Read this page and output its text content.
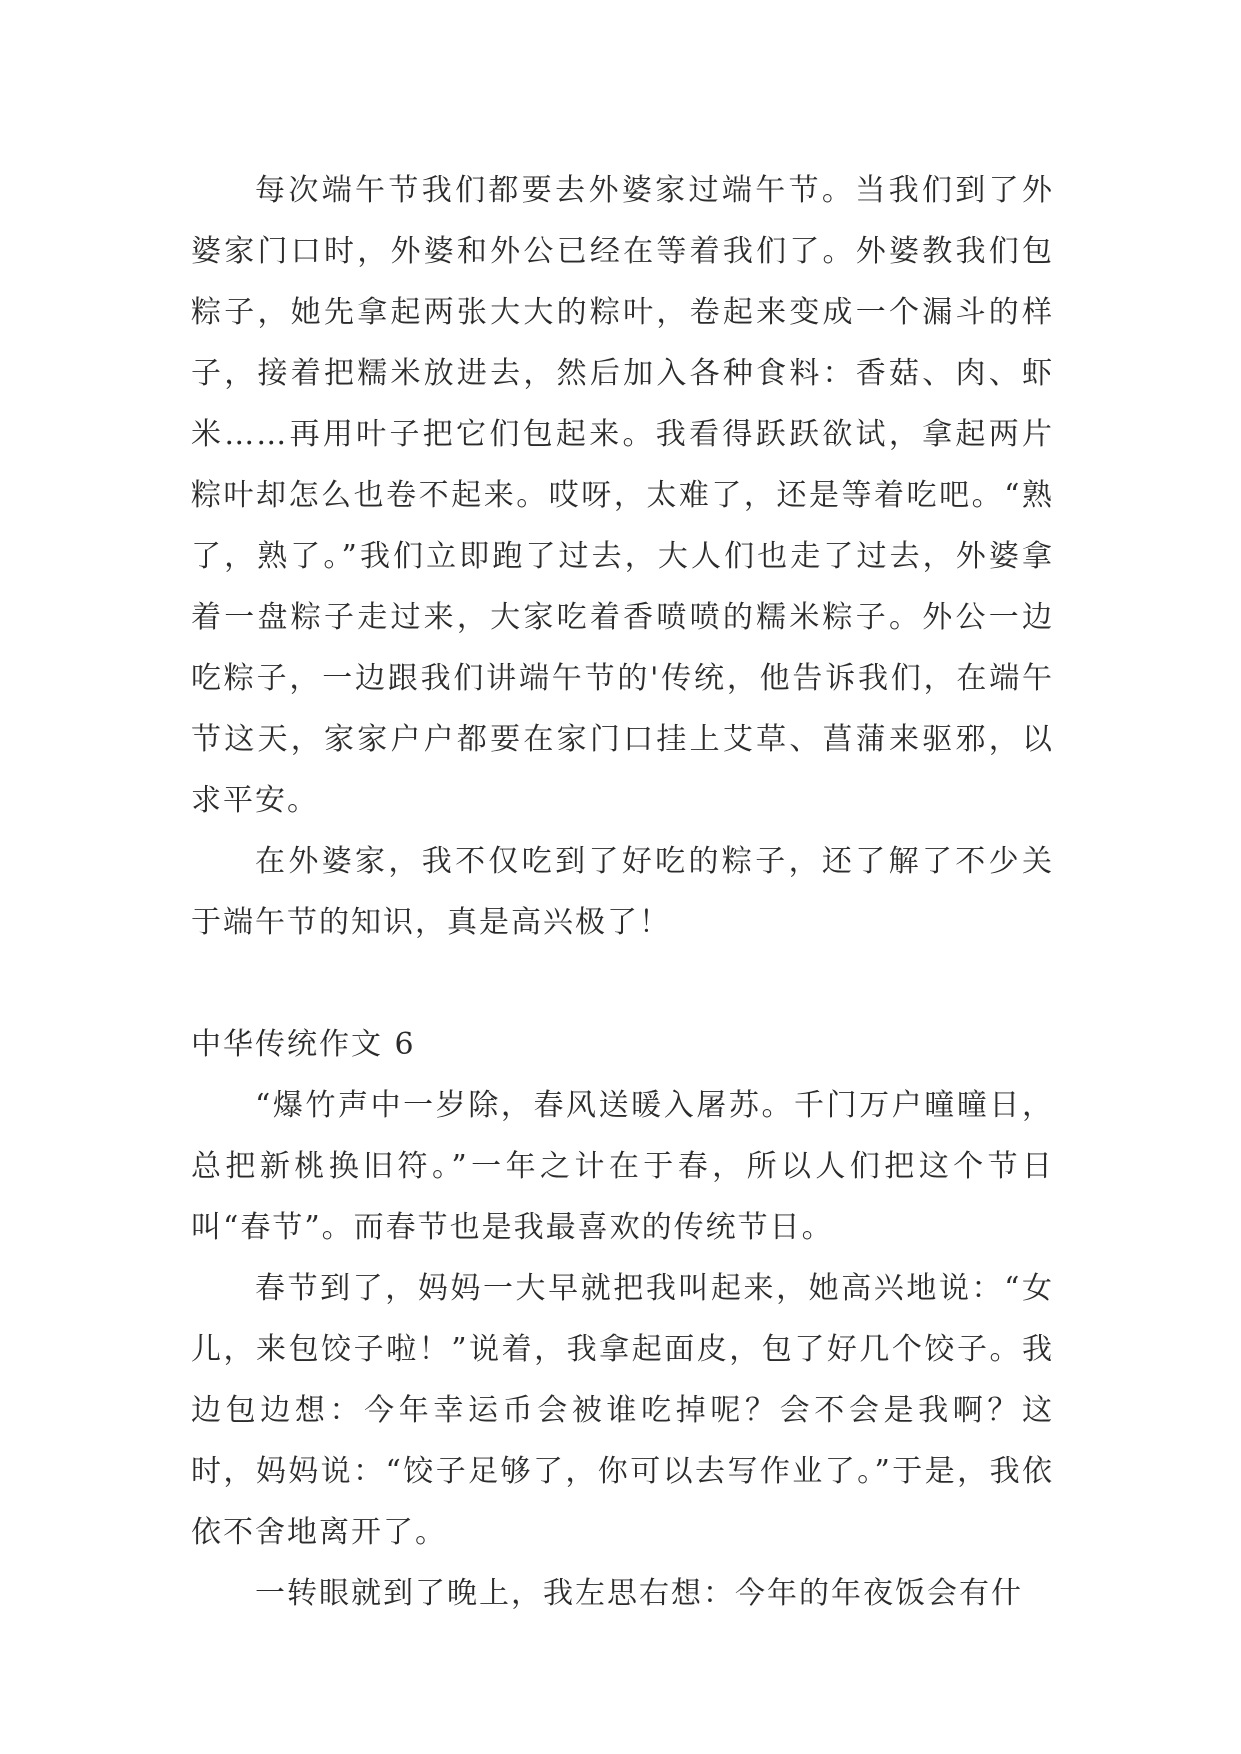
每次端午节我们都要去外婆家过端午节。当我们到了外婆家门口时，外婆和外公已经在等着我们了。外婆教我们包粽子，她先拿起两张大大的粽叶，卷起来变成一个漏斗的样子，接着把糯米放进去，然后加入各种食料：香菇、肉、虾米……再用叶子把它们包起来。我看得跃跃欲试，拿起两片粽叶却怎么也卷不起来。哎呀，太难了，还是等着吃吧。“熟了，熟了。”我们立即跑了过去，大人们也走了过去，外婆拿着一盘粽子走过来，大家吃着香喷喷的糯米粽子。外公一边吃粽子，一边跟我们讲端午节的'传统，他告诉我们，在端午节这天，家家户户都要在家门口挂上艾草、菖蒲来驱邪，以求平安。

在外婆家，我不仅吃到了好吃的粽子，还了解了不少关于端午节的知识，真是高兴极了！

中华传统作文 6

“爆竹声中一岁除，春风送暖入屠苏。千门万户曈曈日，总把新桃换旧符。”一年之计在于春，所以人们把这个节日叫“春节”。而春节也是我最喜欢的传统节日。

春节到了，妈妈一大早就把我叫起来，她高兴地说：“女儿，来包饺子啦！”说着，我拿起面皮，包了好几个饺子。我边包边想：今年幸运币会被谁吃掉呢？会不会是我啊？这时，妈妈说：“饺子足够了，你可以去写作业了。”于是，我依依不舍地离开了。

一转眼就到了晚上，我左思右想：今年的年夜饭会有什
